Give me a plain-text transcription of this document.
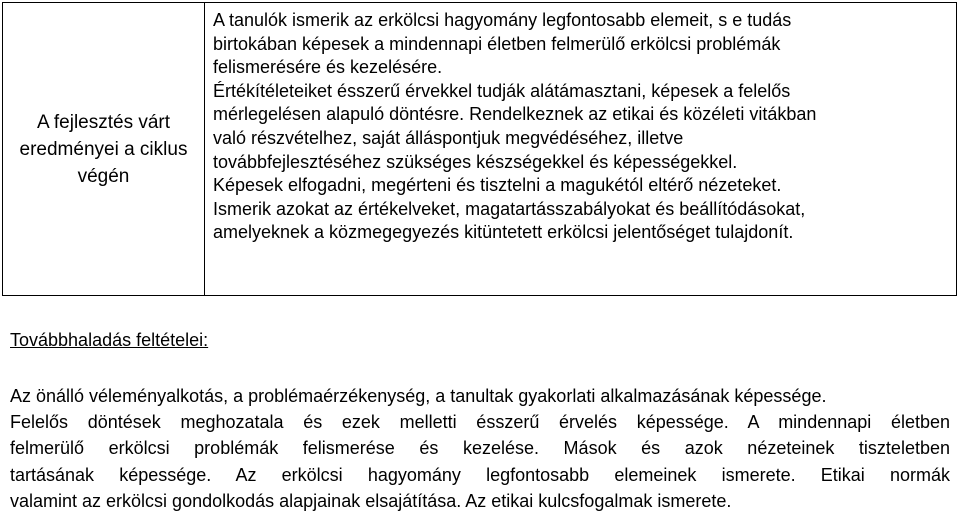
A fejlesztés várt
eredményei a ciklus
végén
A tanulók ismerik az erkölcsi hagyomány legfontosabb elemeit, s e tudás
birtokában képesek a mindennapi életben felmerülő erkölcsi problémák
felismerésére és kezelésére.
Értékítéleteiket ésszerű érvekkel tudják alátámasztani, képesek a felelős
mérlegelésen alapuló döntésre. Rendelkeznek az etikai és közéleti vitákban
való részvételhez, saját álláspontjuk megvédéséhez, illetve
továbbfejlesztéséhez szükséges készségekkel és képességekkel.
Képesek elfogadni, megérteni és tisztelni a magukétól eltérő nézeteket.
Ismerik azokat az értékelveket, magatartásszabályokat és beállítódásokat,
amelyeknek a közmegegyezés kitüntetett erkölcsi jelentőséget tulajdonít.
Továbbhaladás feltételei:
Az önálló véleményalkotás, a problémaérzékenység, a tanultak gyakorlati alkalmazásának képessége.
Felelős döntések meghozatala és ezek melletti ésszerű érvelés képessége. A mindennapi életben
felmerülő erkölcsi problémák felismerése és kezelése. Mások és azok nézeteinek tiszteletben
tartásának képessége. Az erkölcsi hagyomány legfontosabb elemeinek ismerete. Etikai normák
valamint az erkölcsi gondolkodás alapjainak elsajátítása. Az etikai kulcsfogalmak ismerete.
